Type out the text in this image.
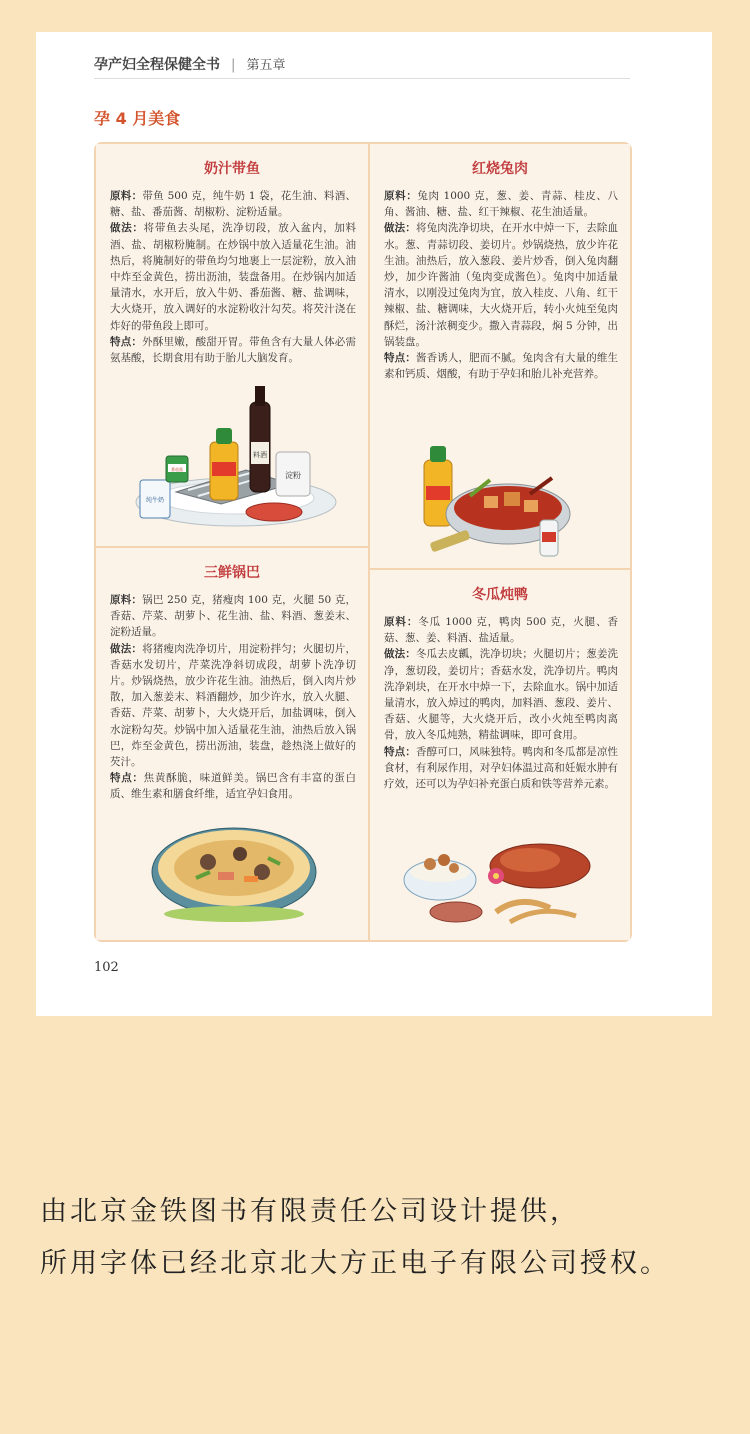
孕产妇全程保健全书 | 第五章
孕 4 月美食
奶汁带鱼

原料：带鱼 500 克，纯牛奶 1 袋，花生油、料酒、糖、盐、番茄酱、胡椒粉、淀粉适量。

做法：将带鱼去头尾，洗净切段，放入盆内，加料酒、盐、胡椒粉腌制。在炒锅中放入适量花生油。油热后，将腌制好的带鱼均匀地裹上一层淀粉，放入油中炸至金黄色，捞出沥油，装盘备用。在炒锅内加适量清水，水开后，放入牛奶、番茄酱、糖、盐调味，大火烧开，放入调好的水淀粉收汁勾芡。将芡汁浇在炸好的带鱼段上即可。

特点：外酥里嫩，酸甜开胃。带鱼含有大量人体必需氨基酸，长期食用有助于胎儿大脑发育。

料酒
淀粉
纯牛奶
番茄酱
红烧兔肉

原料：兔肉 1000 克，葱、姜、青蒜、桂皮、八角、酱油、糖、盐、红干辣椒、花生油适量。

做法：将兔肉洗净切块，在开水中焯一下，去除血水。葱、青蒜切段、姜切片。炒锅烧热，放少许花生油。油热后，放入葱段、姜片炒香，倒入兔肉翻炒，加少许酱油（兔肉变成酱色）。兔肉中加适量清水，以刚没过兔肉为宜，放入桂皮、八角、红干辣椒、盐、糖调味，大火烧开后，转小火炖至兔肉酥烂，汤汁浓稠变少。撒入青蒜段，焖 5 分钟，出锅装盘。

特点：酱香诱人，肥而不腻。兔肉含有大量的维生素和钙质、烟酸，有助于孕妇和胎儿补充营养。

三鲜锅巴

原料：锅巴 250 克，猪瘦肉 100 克，火腿 50 克，香菇、芹菜、胡萝卜、花生油、盐、料酒、葱姜末、淀粉适量。

做法：将猪瘦肉洗净切片，用淀粉拌匀；火腿切片，香菇水发切片，芹菜洗净斜切成段，胡萝卜洗净切片。炒锅烧热，放少许花生油。油热后，倒入肉片炒散，加入葱姜末、料酒翻炒，加少许水，放入火腿、香菇、芹菜、胡萝卜，大火烧开后，加盐调味，倒入水淀粉勾芡。炒锅中加入适量花生油，油热后放入锅巴，炸至金黄色，捞出沥油，装盘，趁热浇上做好的芡汁。

特点：焦黄酥脆，味道鲜美。锅巴含有丰富的蛋白质、维生素和膳食纤维，适宜孕妇食用。

冬瓜炖鸭

原料：冬瓜 1000 克，鸭肉 500 克，火腿、香菇、葱、姜、料酒、盐适量。

做法：冬瓜去皮瓤，洗净切块；火腿切片；葱姜洗净，葱切段，姜切片；香菇水发，洗净切片。鸭肉洗净剁块，在开水中焯一下，去除血水。锅中加适量清水，放入焯过的鸭肉，加料酒、葱段、姜片、香菇、火腿等，大火烧开后，改小火炖至鸭肉离骨，放入冬瓜炖熟，精盐调味，即可食用。

特点：香醇可口，风味独特。鸭肉和冬瓜都是凉性食材，有利尿作用，对孕妇体温过高和妊娠水肿有疗效，还可以为孕妇补充蛋白质和铁等营养元素。

102
由北京金铁图书有限责任公司设计提供，
所用字体已经北京北大方正电子有限公司授权。
